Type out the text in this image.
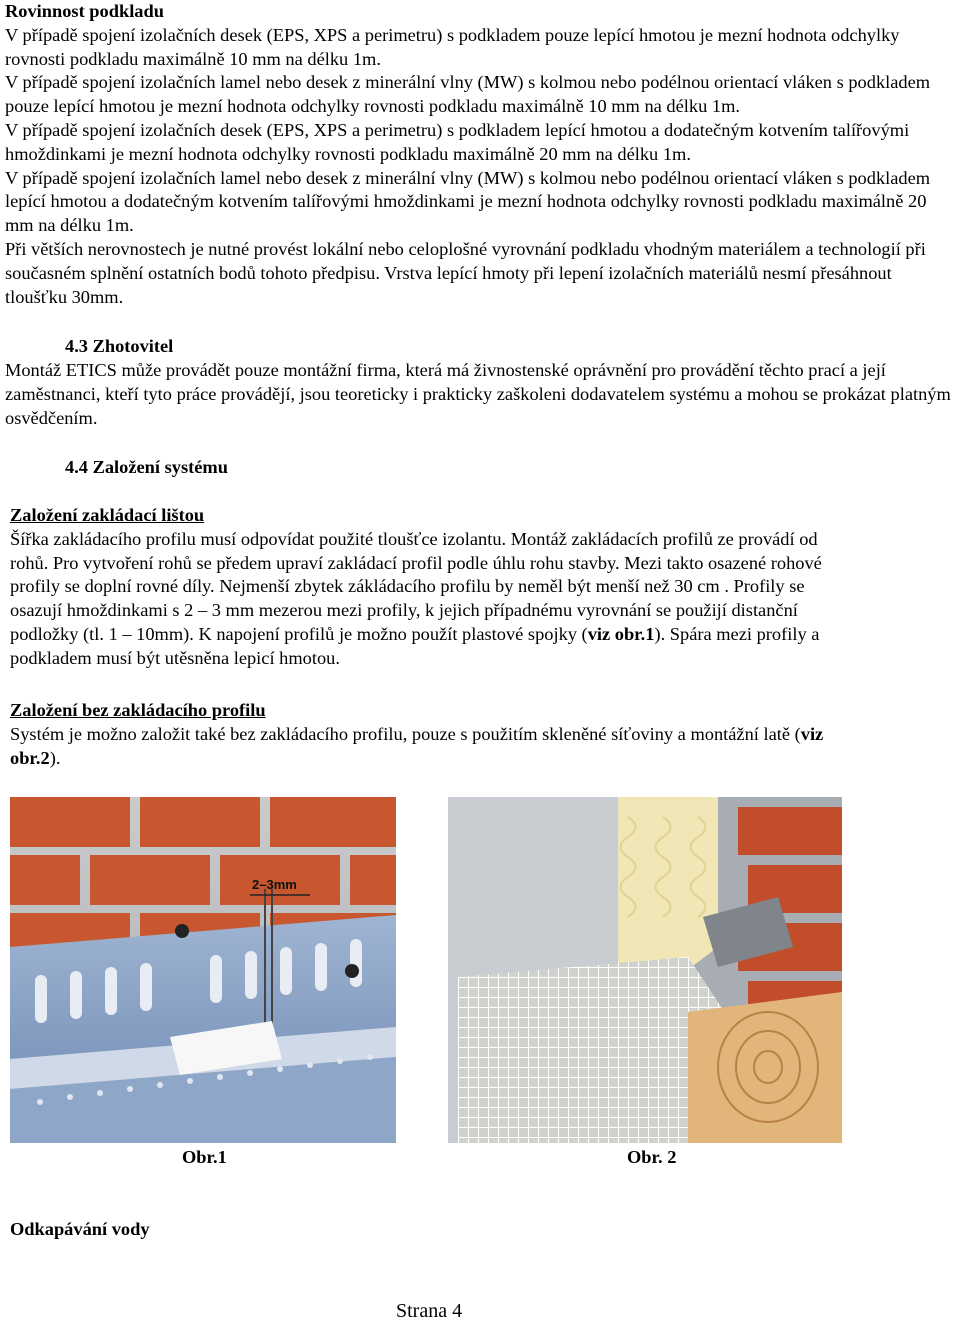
Rovinnost podkladu

V případě spojení izolačních desek (EPS, XPS a perimetru) s podkladem pouze lepící hmotou je mezní hodnota odchylky rovnosti podkladu maximálně 10 mm na délku 1m.

V případě spojení izolačních lamel nebo desek z minerální vlny (MW) s kolmou nebo podélnou orientací vláken s podkladem pouze lepící hmotou je mezní hodnota odchylky rovnosti podkladu maximálně 10 mm na délku 1m.

V případě spojení izolačních desek (EPS, XPS a perimetru) s podkladem lepící hmotou a dodatečným kotvením talířovými hmoždinkami je mezní hodnota odchylky rovnosti podkladu maximálně 20 mm na délku 1m.

V případě spojení izolačních lamel nebo desek z minerální vlny (MW) s kolmou nebo podélnou orientací vláken s podkladem lepící hmotou a dodatečným kotvením talířovými hmoždinkami je mezní hodnota odchylky rovnosti podkladu maximálně 20 mm na délku 1m.

Při větších nerovnostech je nutné provést lokální nebo celoplošné vyrovnání podkladu vhodným materiálem a technologií při současném splnění ostatních bodů tohoto předpisu. Vrstva lepící hmoty při lepení izolačních materiálů nesmí přesáhnout tloušťku 30mm.

4.3 Zhotovitel
Montáž ETICS může provádět pouze montážní firma, která má živnostenské oprávnění pro provádění těchto prací a její zaměstnanci, kteří tyto práce provádějí, jsou teoreticky i prakticky zaškoleni dodavatelem systému a mohou se prokázat platným osvědčením.
4.4 Založení systému

Založení zakládací lištou

Šířka zakládacího profilu musí odpovídat použité tloušťce izolantu. Montáž zakládacích profilů ze provádí od rohů. Pro vytvoření rohů se předem upraví zakládací profil podle úhlu rohu stavby. Mezi takto osazené rohové profily se doplní rovné díly. Nejmenší zbytek zákládacího profilu by neměl být menší než 30 cm . Profily se osazují hmoždinkami s 2 – 3 mm mezerou mezi profily, k jejich případnému vyrovnání se použijí distanční podložky (tl. 1 – 10mm). K napojení profilů je možno použít plastové spojky (viz obr.1). Spára mezi profily a podkladem musí být utěsněna lepicí hmotou.

Založení bez zakládacího profilu

Systém je možno založit také bez zakládacího profilu, pouze s použitím skleněné síťoviny a montážní latě (viz obr.2).

2–3mm
Obr.1	Obr. 2
Odkapávání vody
Strana 4
